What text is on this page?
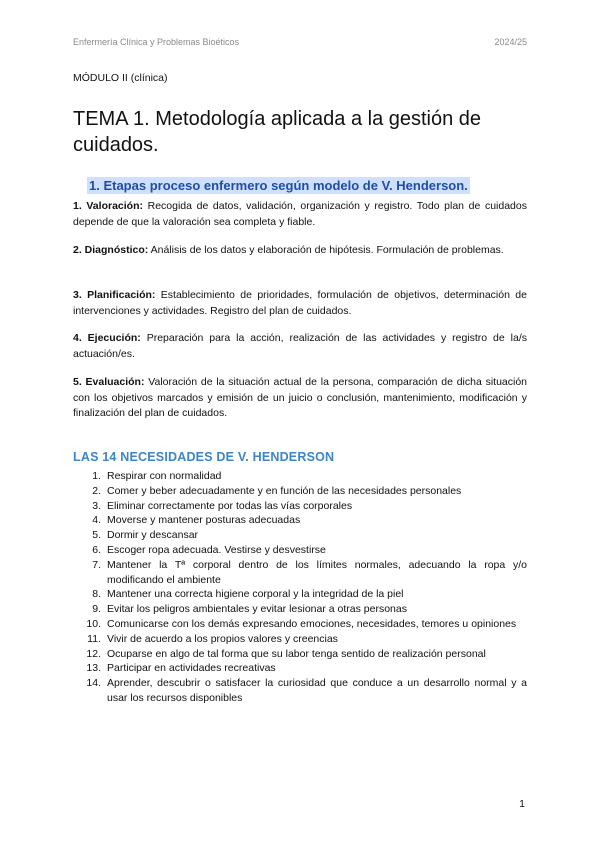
Enfermería Clínica y Problemas Bioéticos	2024/25
MÓDULO II (clínica)
TEMA 1. Metodología aplicada a la gestión de cuidados.
1. Etapas proceso enfermero según modelo de V. Henderson.

1. Valoración: Recogida de datos, validación, organización y registro. Todo plan de cuidados depende de que la valoración sea completa y fiable.

2. Diagnóstico: Análisis de los datos y elaboración de hipótesis. Formulación de problemas.

3. Planificación: Establecimiento de prioridades, formulación de objetivos, determinación de intervenciones y actividades. Registro del plan de cuidados.

4. Ejecución: Preparación para la acción, realización de las actividades y registro de la/s actuación/es.

5. Evaluación: Valoración de la situación actual de la persona, comparación de dicha situación con los objetivos marcados y emisión de un juicio o conclusión, mantenimiento, modificación y finalización del plan de cuidados.

LAS 14 NECESIDADES DE V. HENDERSON
1. Respirar con normalidad
2. Comer y beber adecuadamente y en función de las necesidades personales
3. Eliminar correctamente por todas las vías corporales
4. Moverse y mantener posturas adecuadas
5. Dormir y descansar
6. Escoger ropa adecuada. Vestirse y desvestirse
7. Mantener la Tª corporal dentro de los límites normales, adecuando la ropa y/o modificando el ambiente
8. Mantener una correcta higiene corporal y la integridad de la piel
9. Evitar los peligros ambientales y evitar lesionar a otras personas
10. Comunicarse con los demás expresando emociones, necesidades, temores u opiniones
11. Vivir de acuerdo a los propios valores y creencias
12. Ocuparse en algo de tal forma que su labor tenga sentido de realización personal
13. Participar en actividades recreativas
14. Aprender, descubrir o satisfacer la curiosidad que conduce a un desarrollo normal y a usar los recursos disponibles
1
